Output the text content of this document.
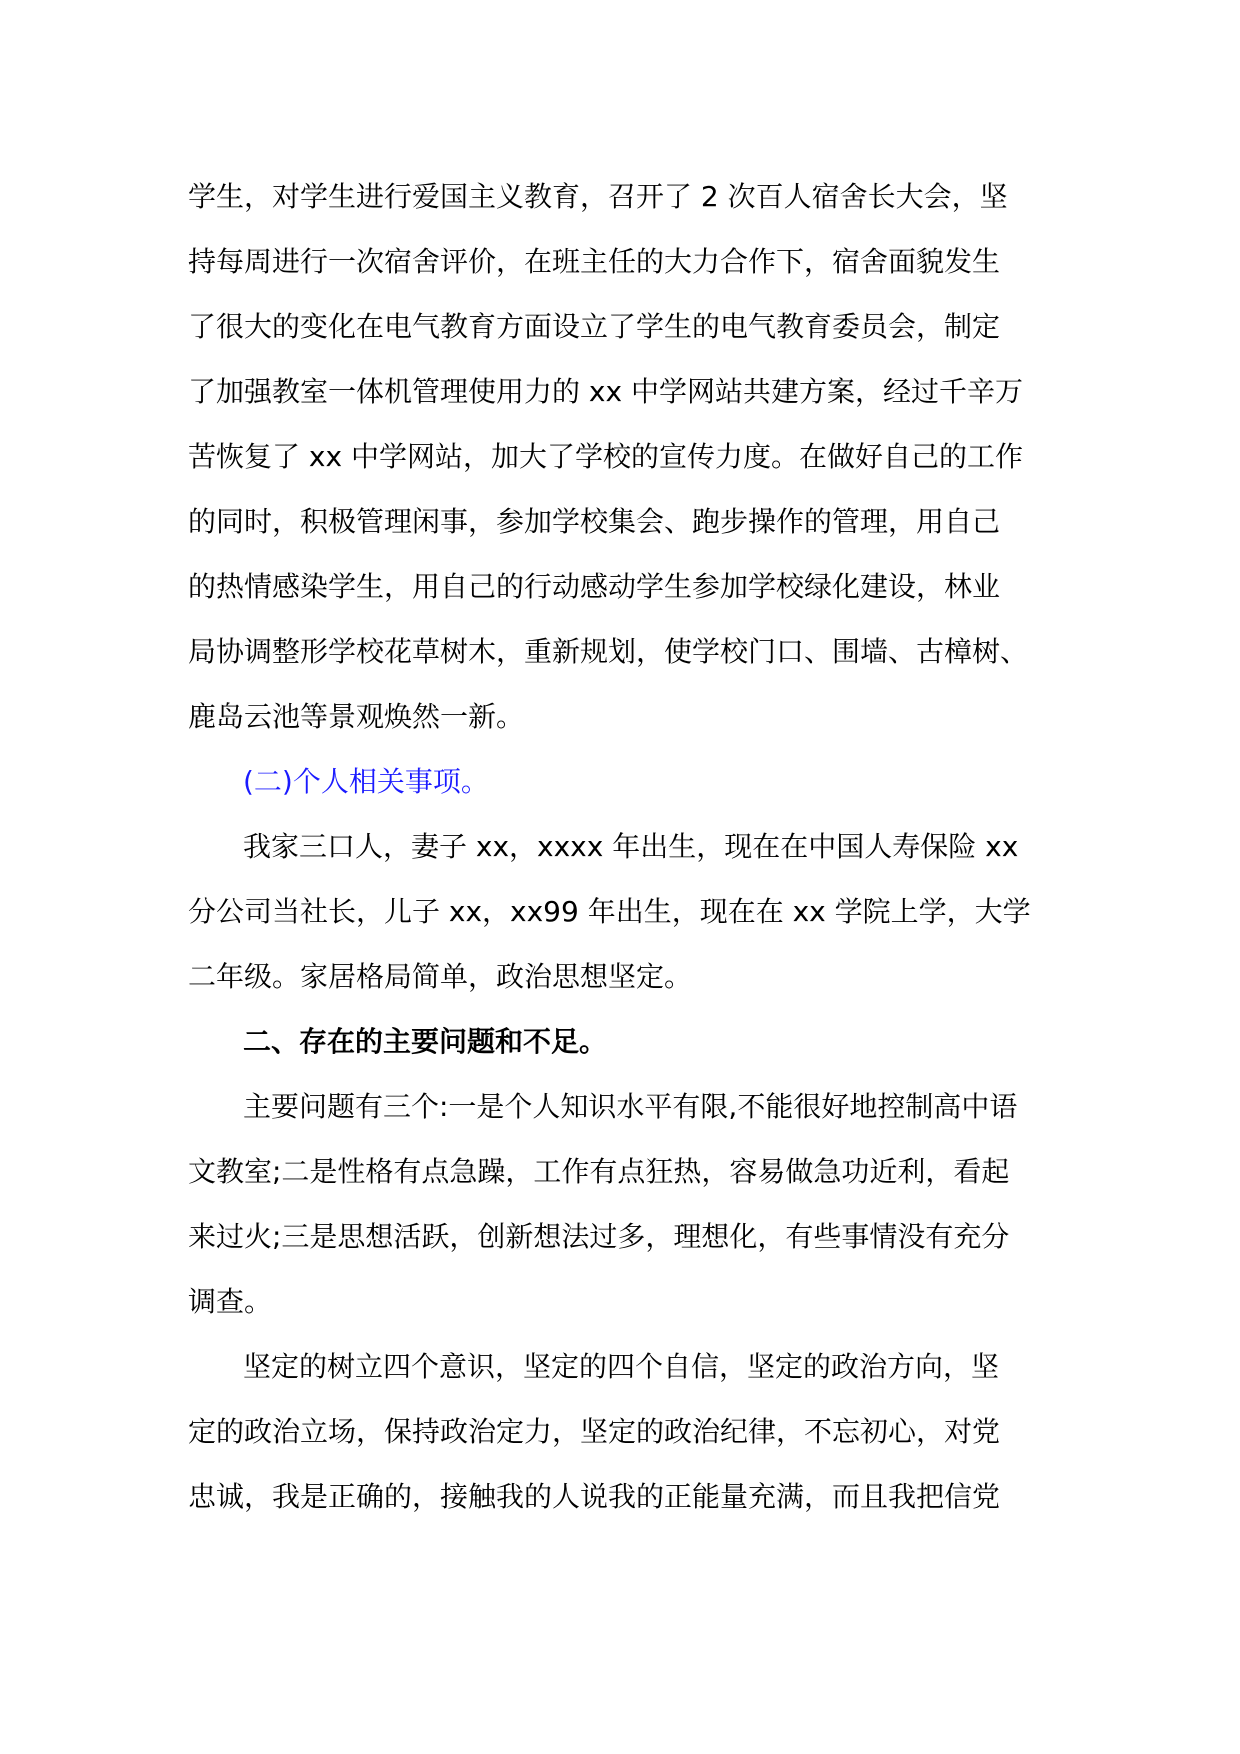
学生，对学生进行爱国主义教育，召开了 2 次百人宿舍长大会，坚
持每周进行一次宿舍评价，在班主任的大力合作下，宿舍面貌发生
了很大的变化在电气教育方面设立了学生的电气教育委员会，制定
了加强教室一体机管理使用力的 xx 中学网站共建方案，经过千辛万
苦恢复了 xx 中学网站，加大了学校的宣传力度。在做好自己的工作
的同时，积极管理闲事，参加学校集会、跑步操作的管理，用自己
的热情感染学生，用自己的行动感动学生参加学校绿化建设，林业
局协调整形学校花草树木，重新规划，使学校门口、围墙、古樟树、
鹿岛云池等景观焕然一新。
(二)个人相关事项。
我家三口人，妻子 xx，xxxx 年出生，现在在中国人寿保险 xx
分公司当社长，儿子 xx，xx99 年出生，现在在 xx 学院上学，大学
二年级。家居格局简单，政治思想坚定。
二、存在的主要问题和不足。
主要问题有三个:一是个人知识水平有限,不能很好地控制高中语
文教室;二是性格有点急躁，工作有点狂热，容易做急功近利，看起
来过火;三是思想活跃，创新想法过多，理想化，有些事情没有充分
调查。
坚定的树立四个意识，坚定的四个自信，坚定的政治方向，坚
定的政治立场，保持政治定力，坚定的政治纪律，不忘初心，对党
忠诚，我是正确的，接触我的人说我的正能量充满，而且我把信党
